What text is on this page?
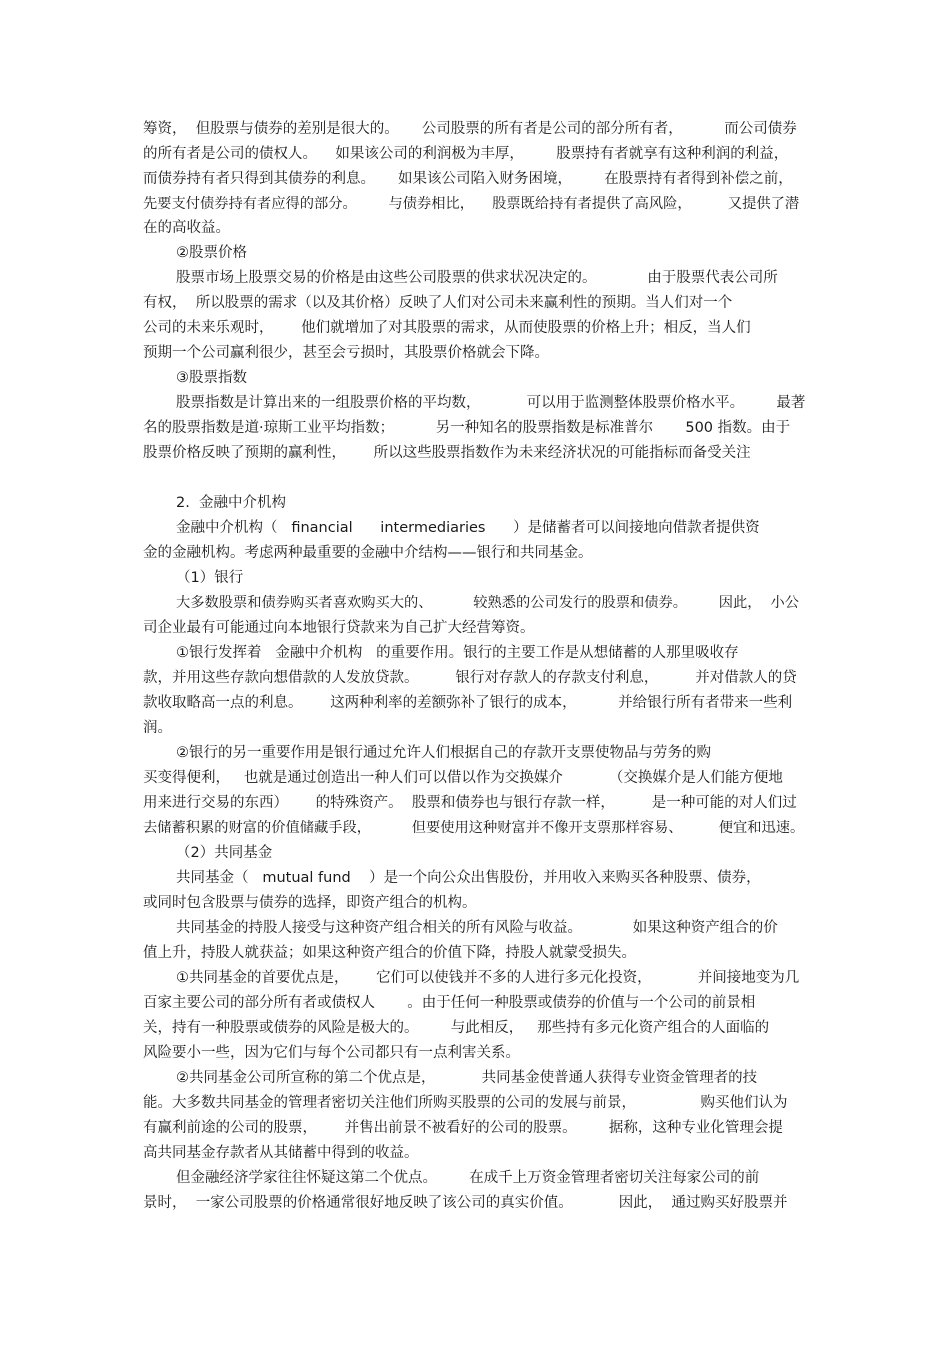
筹资，  但股票与债券的差别是很大的。     公司股票的所有者是公司的部分所有者，         而公司债券

的所有者是公司的债权人。    如果该公司的利润极为丰厚，       股票持有者就享有这种利润的利益，

而债券持有者只得到其债券的利息。     如果该公司陷入财务困境，       在股票持有者得到补偿之前，

先要支付债券持有者应得的部分。       与债券相比，    股票既给持有者提供了高风险，        又提供了潜

在的高收益。

②股票价格

股票市场上股票交易的价格是由这些公司股票的供求状况决定的。           由于股票代表公司所

有权，  所以股票的需求（以及其价格）反映了人们对公司未来赢利性的预期。当人们对一个

公司的未来乐观时，      他们就增加了对其股票的需求，从而使股票的价格上升；相反，当人们

预期一个公司赢利很少，甚至会亏损时，其股票价格就会下降。

③股票指数

股票指数是计算出来的一组股票价格的平均数，          可以用于监测整体股票价格水平。       最著

名的股票指数是道·琼斯工业平均指数；         另一种知名的股票指数是标准普尔       500 指数。由于

股票价格反映了预期的赢利性，      所以这些股票指数作为未来经济状况的可能指标而备受关注

2.  金融中介机构

金融中介机构（   financial      intermediaries      ）是储蓄者可以间接地向借款者提供资

金的金融机构。考虑两种最重要的金融中介结构——银行和共同基金。

（1）银行

大多数股票和债券购买者喜欢购买大的、         较熟悉的公司发行的股票和债券。       因此，  小公

司企业最有可能通过向本地银行贷款来为自己扩大经营筹资。

①银行发挥着   金融中介机构   的重要作用。银行的主要工作是从想储蓄的人那里吸收存

款，并用这些存款向想借款的人发放贷款。        银行对存款人的存款支付利息，        并对借款人的贷

款收取略高一点的利息。      这两种利率的差额弥补了银行的成本，         并给银行所有者带来一些利

润。

②银行的另一重要作用是银行通过允许人们根据自己的存款开支票使物品与劳务的购

买变得便利，   也就是通过创造出一种人们可以借以作为交换媒介          （交换媒介是人们能方便地

用来进行交易的东西）      的特殊资产。  股票和债券也与银行存款一样，        是一种可能的对人们过

去储蓄积累的财富的价值储藏手段，         但要使用这种财富并不像开支票那样容易、        便宜和迅速。

（2）共同基金

共同基金（   mutual fund    ）是一个向公众出售股份，并用收入来购买各种股票、债券，

或同时包含股票与债券的选择，即资产组合的机构。

共同基金的持股人接受与这种资产组合相关的所有风险与收益。           如果这种资产组合的价

值上升，持股人就获益；如果这种资产组合的价值下降，持股人就蒙受损失。

①共同基金的首要优点是，      它们可以使钱并不多的人进行多元化投资，          并间接地变为几

百家主要公司的部分所有者或债权人       。由于任何一种股票或债券的价值与一个公司的前景相

关，持有一种股票或债券的风险是极大的。       与此相反，   那些持有多元化资产组合的人面临的

风险要小一些，因为它们与每个公司都只有一点利害关系。

②共同基金公司所宣称的第二个优点是，          共同基金使普通人获得专业资金管理者的技

能。大多数共同基金的管理者密切关注他们所购买股票的公司的发展与前景，              购买他们认为

有赢利前途的公司的股票，      并售出前景不被看好的公司的股票。       据称，这种专业化管理会提

高共同基金存款者从其储蓄中得到的收益。

但金融经济学家往往怀疑这第二个优点。       在成千上万资金管理者密切关注每家公司的前

景时，  一家公司股票的价格通常很好地反映了该公司的真实价值。          因此，  通过购买好股票并
